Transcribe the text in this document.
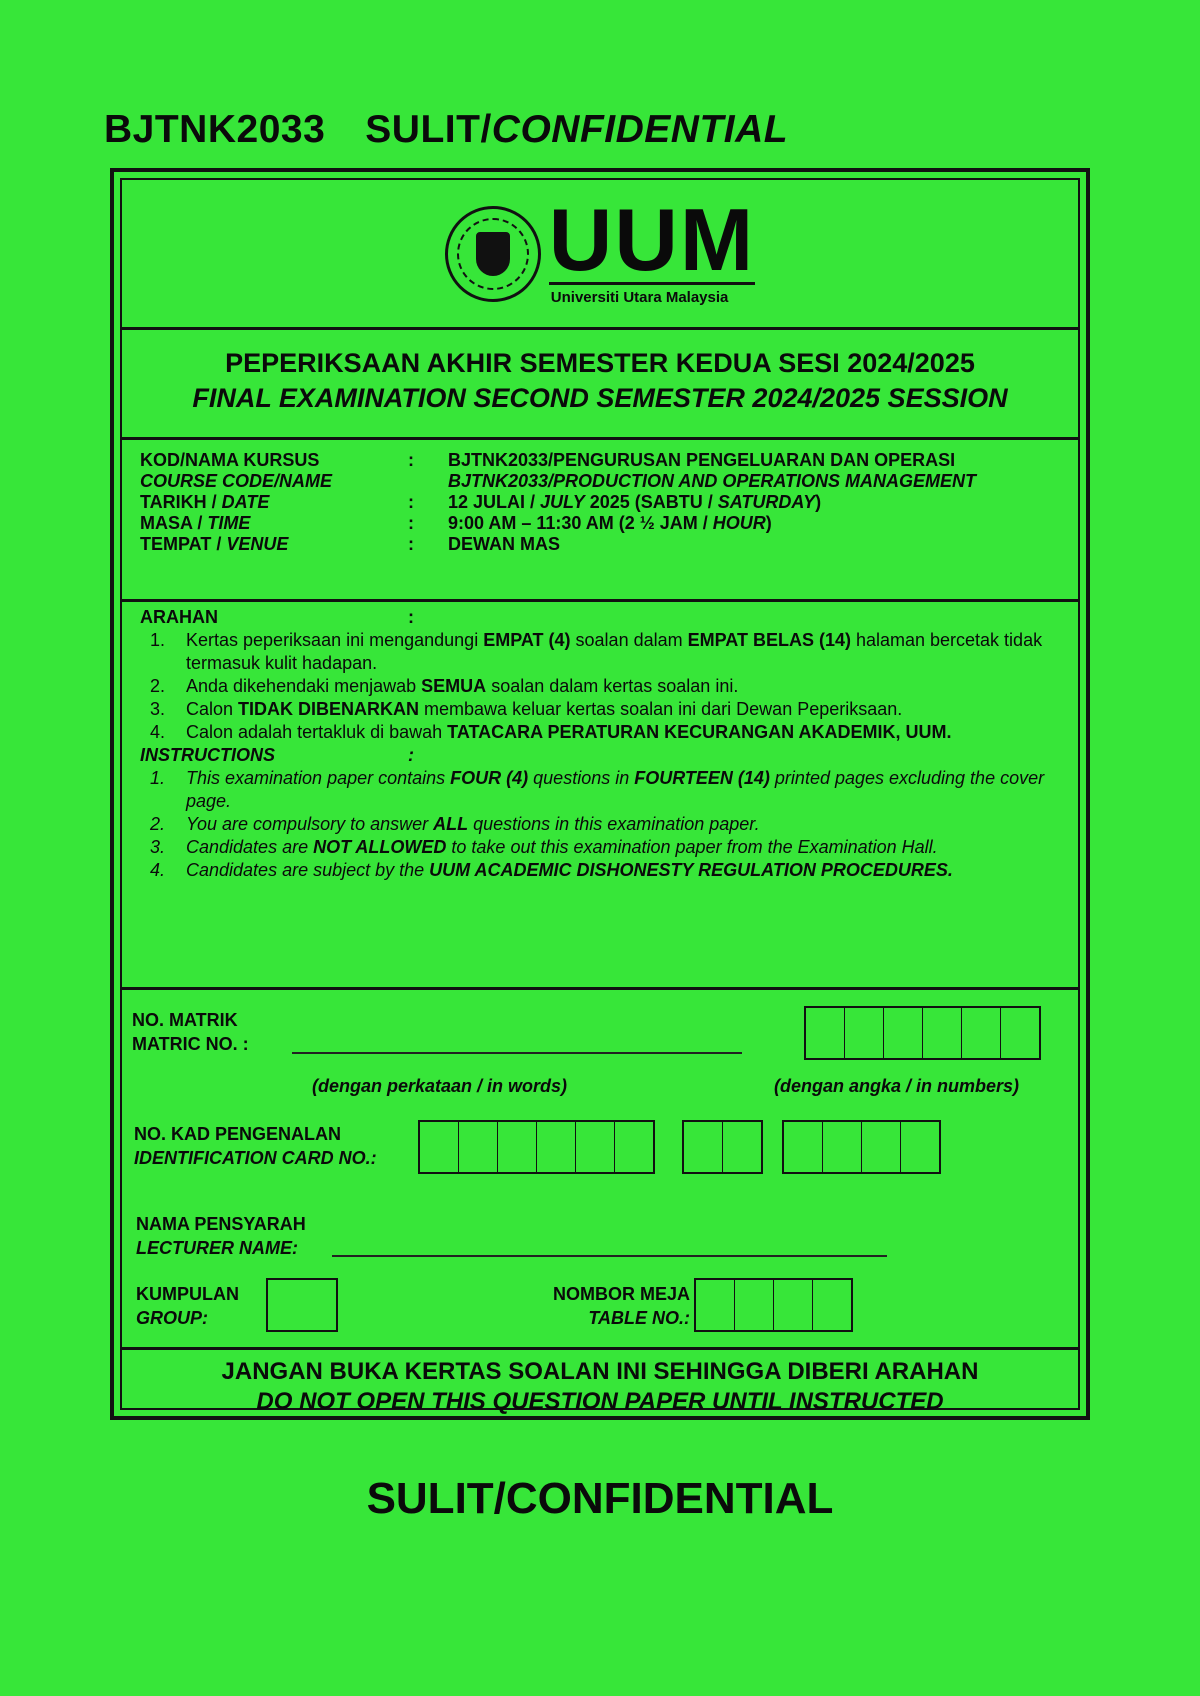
BJTNK2033 SULIT/CONFIDENTIAL
UUM
Universiti Utara Malaysia
PEPERIKSAAN AKHIR SEMESTER KEDUA SESI 2024/2025
FINAL EXAMINATION SECOND SEMESTER 2024/2025 SESSION
KOD/NAMA KURSUS	:	BJTNK2033/PENGURUSAN PENGELUARAN DAN OPERASI
COURSE CODE/NAME	BJTNK2033/PRODUCTION AND OPERATIONS MANAGEMENT
TARIKH / DATE	:	12 JULAI / JULY 2025 (SABTU / SATURDAY)
MASA / TIME	:	9:00 AM – 11:30 AM (2 ½ JAM / HOUR)
TEMPAT / VENUE	:	DEWAN MAS
ARAHAN	:
1.	Kertas peperiksaan ini mengandungi EMPAT (4) soalan dalam EMPAT BELAS (14) halaman bercetak tidak termasuk kulit hadapan.
2.	Anda dikehendaki menjawab SEMUA soalan dalam kertas soalan ini.
3.	Calon TIDAK DIBENARKAN membawa keluar kertas soalan ini dari Dewan Peperiksaan.
4.	Calon adalah tertakluk di bawah TATACARA PERATURAN KECURANGAN AKADEMIK, UUM.
INSTRUCTIONS	:
1.	This examination paper contains FOUR (4) questions in FOURTEEN (14) printed pages excluding the cover page.
2.	You are compulsory to answer ALL questions in this examination paper.
3.	Candidates are NOT ALLOWED to take out this examination paper from the Examination Hall.
4.	Candidates are subject by the UUM ACADEMIC DISHONESTY REGULATION PROCEDURES.
NO. MATRIK
MATRIC NO. :
(dengan perkataan / in words)	(dengan angka / in numbers)
NO. KAD PENGENALAN
IDENTIFICATION CARD NO.:
NAMA PENSYARAH
LECTURER NAME:
KUMPULAN
GROUP:
NOMBOR MEJA
TABLE NO.:
JANGAN BUKA KERTAS SOALAN INI SEHINGGA DIBERI ARAHAN
DO NOT OPEN THIS QUESTION PAPER UNTIL INSTRUCTED
SULIT/CONFIDENTIAL
